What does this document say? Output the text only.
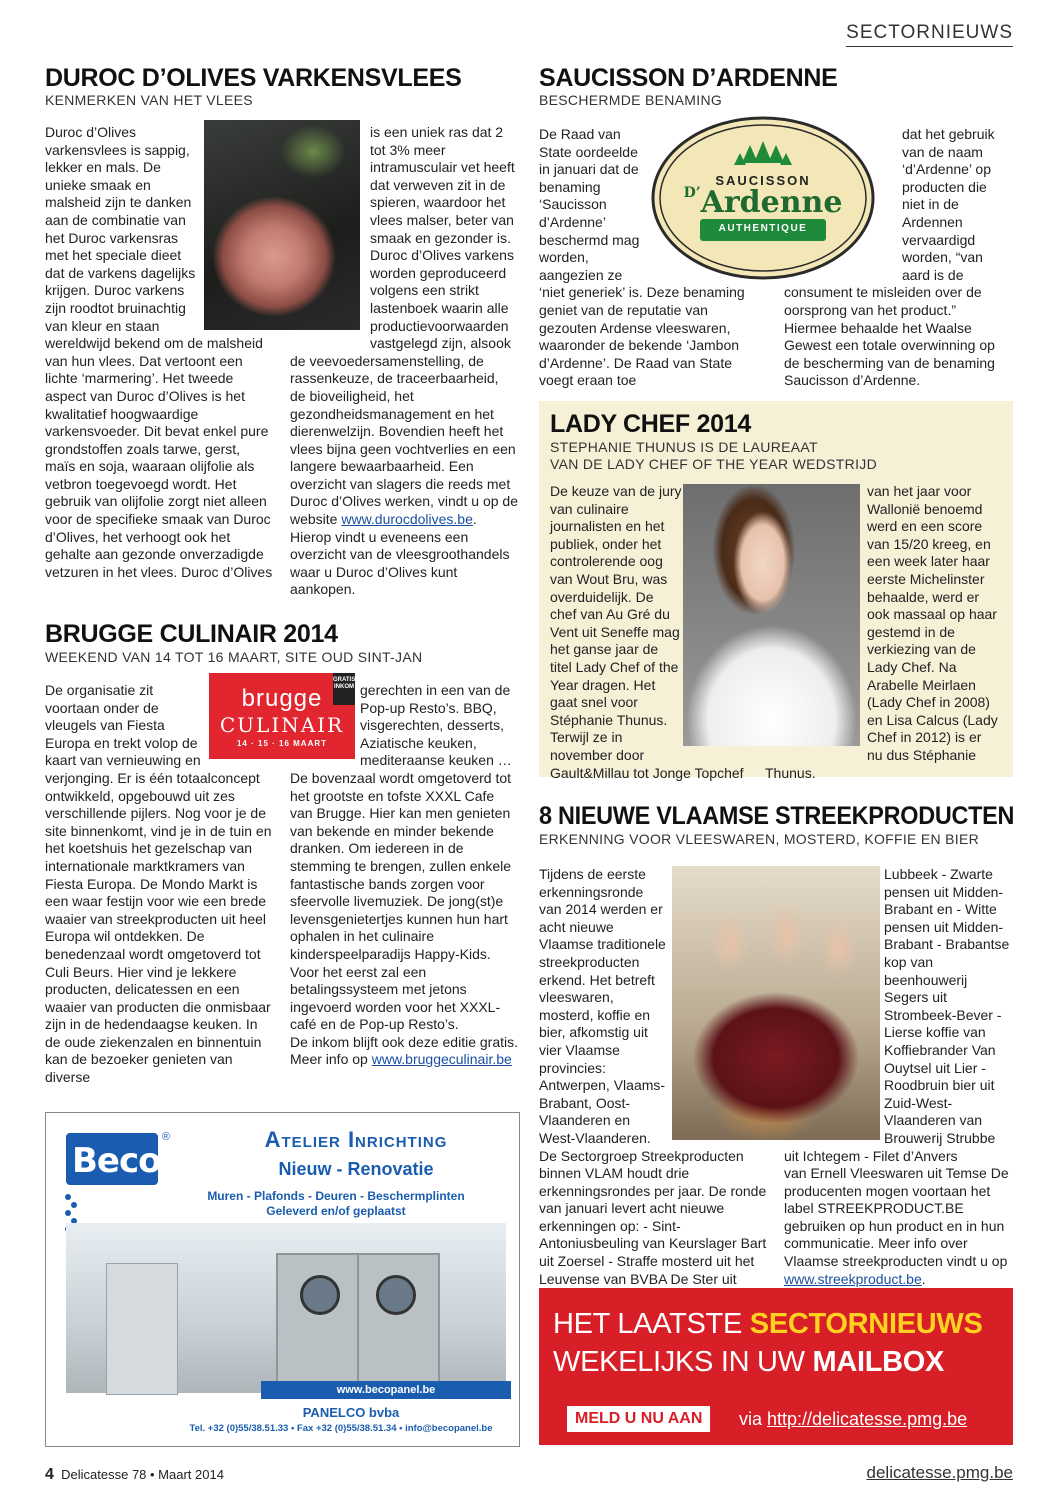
SECTORNIEUWS
DUROC D’OLIVES VARKENSVLEES
KENMERKEN VAN HET VLEES

Duroc d’Olives varkensvlees is sappig, lekker en mals. De unieke smaak en malsheid zijn te danken aan de combinatie van het Duroc varkensras met het speciale dieet dat de varkens dagelijks krijgen. Duroc varkens zijn roodtot bruinachtig van kleur en staan wereldwijd bekend om de malsheid van hun vlees. Dat vertoont een lichte ‘marmering’. Het tweede aspect van Duroc d’Olives is het kwalitatief hoogwaardige varkensvoeder. Dit bevat enkel pure grondstoffen zoals tarwe, gerst, maïs en soja, waaraan olijfolie als vetbron toegevoegd wordt. Het gebruik van olijfolie zorgt niet alleen voor de specifieke smaak van Duroc d’Olives, het verhoogt ook het gehalte aan gezonde onverzadigde vetzuren in het vlees. Duroc d’Olives

is een uniek ras dat 2 tot 3% meer intramusculair vet heeft dat verweven zit in de spieren, waardoor het vlees malser, beter van smaak en gezonder is. Duroc d’Olives varkens worden geproduceerd volgens een strikt lastenboek waarin alle productievoorwaarden vastgelegd zijn, alsook de veevoedersamenstelling, de rassenkeuze, de traceerbaarheid, de bioveiligheid, het gezondheidsmanagement en het dierenwelzijn. Bovendien heeft het vlees bijna geen vochtverlies en een langere bewaarbaarheid. Een overzicht van slagers die reeds met Duroc d’Olives werken, vindt u op de website www.durocdolives.be. Hierop vindt u eveneens een overzicht van de vleesgroothandels waar u Duroc d’Olives kunt aankopen.

BRUGGE CULINAIR 2014
WEEKEND VAN 14 TOT 16 MAART, SITE OUD SINT-JAN
GRATIS INKOM
brugge
CULINAIR
14 · 15 · 16 MAART

De organisatie zit voortaan onder de vleugels van Fiesta Europa en trekt volop de kaart van vernieuwing en verjonging. Er is één totaalconcept ontwikkeld, opgebouwd uit zes verschillende pijlers. Nog voor je de site binnenkomt, vind je in de tuin en het koetshuis het gezelschap van internationale marktkramers van Fiesta Europa. De Mondo Markt is een waar festijn voor wie een brede waaier van streekproducten uit heel Europa wil ontdekken. De benedenzaal wordt omgetoverd tot Culi Beurs. Hier vind je lekkere producten, delicatessen en een waaier van producten die onmisbaar zijn in de hedendaagse keuken. In de oude ziekenzalen en binnentuin kan de bezoeker genieten van diverse

gerechten in een van de Pop-up Resto’s. BBQ, visgerechten, desserts, Aziatische keuken, mediteraanse keuken … De bovenzaal wordt omgetoverd tot het grootste en tofste XXXL Cafe van Brugge. Hier kan men genieten van bekende en minder bekende dranken. Om iedereen in de stemming te brengen, zullen enkele fantastische bands zorgen voor sfeervolle livemuziek. De jong(st)e levensgenietertjes kunnen hun hart ophalen in het culinaire kinderspeelparadijs Happy-Kids. Voor het eerst zal een betalingssysteem met jetons ingevoerd worden voor het XXXL-café en de Pop-up Resto’s.

De inkom blijft ook deze editie gratis.

Meer info op www.bruggeculinair.be

SAUCISSON D’ARDENNE
BESCHERMDE BENAMING
SAUCISSON
D’Ardenne
AUTHENTIQUE

De Raad van State oordeelde in januari dat de benaming ‘Saucisson d’Ardenne’ beschermd mag worden, aangezien ze ‘niet generiek’ is. Deze benaming geniet van de reputatie van gezouten Ardense vleeswaren, waaronder de bekende ‘Jambon d’Ardenne’. De Raad van State voegt eraan toe

dat het gebruik van de naam ‘d’Ardenne’ op producten die niet in de Ardennen vervaardigd worden, “van aard is de consument te misleiden over de oorsprong van het product.” Hiermee behaalde het Waalse Gewest een totale overwinning op de bescherming van de benaming Saucisson d’Ardenne.

LADY CHEF 2014
STEPHANIE THUNUS IS DE LAUREAAT
VAN DE LADY CHEF OF THE YEAR WEDSTRIJD

De keuze van de jury van culinaire journalisten en het publiek, onder het controlerende oog van Wout Bru, was overduidelijk. De chef van Au Gré du Vent uit Seneffe mag het ganse jaar de titel Lady Chef of the Year dragen. Het gaat snel voor Stéphanie Thunus. Terwijl ze in november door Gault&Millau tot Jonge Topchef

van het jaar voor Wallonië benoemd werd en een score van 15/20 kreeg, en een week later haar eerste Michelinster behaalde, werd er ook massaal op haar gestemd in de verkiezing van de Lady Chef. Na Arabelle Meirlaen (Lady Chef in 2008) en Lisa Calcus (Lady Chef in 2012) is er nu dus Stéphanie Thunus.

8 NIEUWE VLAAMSE STREEKPRODUCTEN
ERKENNING VOOR VLEESWAREN, MOSTERD, KOFFIE EN BIER

Tijdens de eerste erkenningsronde van 2014 werden er acht nieuwe Vlaamse traditionele streekproducten erkend. Het betreft vleeswaren, mosterd, koffie en bier, afkomstig uit vier Vlaamse provincies: Antwerpen, Vlaams-Brabant, Oost-Vlaanderen en West-Vlaanderen.

De Sectorgroep Streekproducten binnen VLAM houdt drie erkenningsrondes per jaar. De ronde van januari levert acht nieuwe erkenningen op: - Sint-Antoniusbeuling van Keurslager Bart uit Zoersel - Straffe mosterd uit het Leuvense van BVBA De Ster uit

Lubbeek - Zwarte pensen uit Midden-Brabant en - Witte pensen uit Midden-Brabant - Brabantse kop van beenhouwerij Segers uit Strombeek-Bever - Lierse koffie van Koffiebrander Van Ouytsel uit Lier - Roodbruin bier uit Zuid-West-Vlaanderen van Brouwerij Strubbe uit Ichtegem - Filet d’Anvers

van Ernell Vleeswaren uit Temse De producenten mogen voortaan het label STREEKPRODUCT.BE gebruiken op hun product en in hun communicatie. Meer info over Vlaamse streekproducten vindt u op www.streekproduct.be.

Beco
®	Atelier Inrichting
Nieuw - Renovatie
Muren - Plafonds - Deuren - Beschermplinten
Geleverd en/of geplaatst
www.becopanel.be
PANELCO bvba
Tel. +32 (0)55/38.51.33 • Fax +32 (0)55/38.51.34 • info@becopanel.be
HET LAATSTE SECTORNIEUWS
WEKELIJKS IN UW MAILBOX
MELD U NU AAN	via http://delicatesse.pmg.be
4 Delicatesse 78 • Maart 2014	delicatesse.pmg.be
